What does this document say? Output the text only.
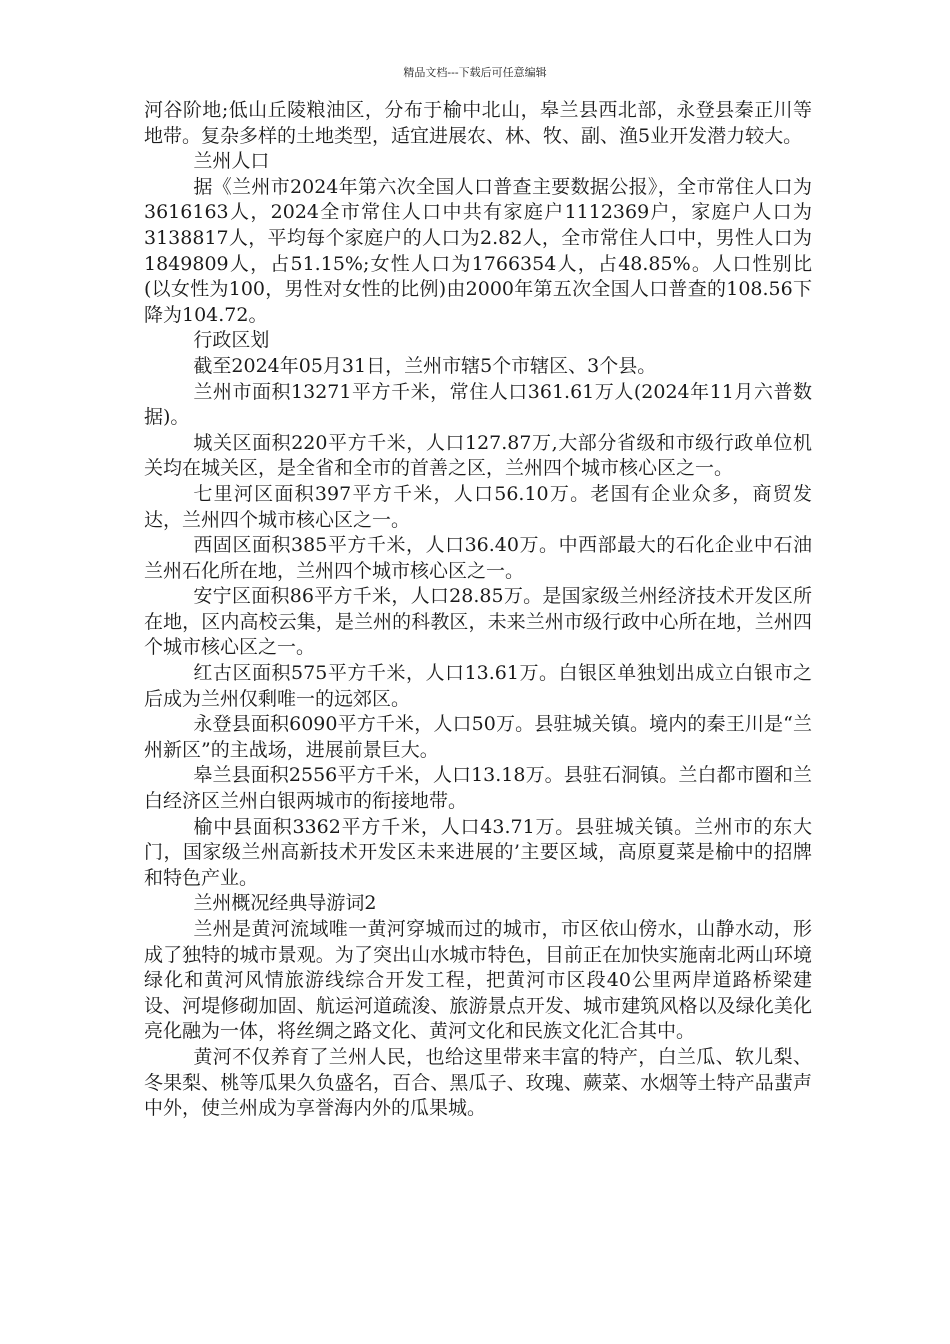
精品文档---下载后可任意编辑

河谷阶地;低山丘陵粮油区，分布于榆中北山，皋兰县西北部，永登县秦正川等地带。复杂多样的土地类型，适宜进展农、林、牧、副、渔5业开发潜力较大。

兰州人口

据《兰州市2024年第六次全国人口普查主要数据公报》，全市常住人口为3616163人，2024全市常住人口中共有家庭户1112369户，家庭户人口为3138817人，平均每个家庭户的人口为2.82人，全市常住人口中，男性人口为1849809人，占51.15%;女性人口为1766354人，占48.85%。人口性别比(以女性为100，男性对女性的比例)由2000年第五次全国人口普查的108.56下降为104.72。

行政区划

截至2024年05月31日，兰州市辖5个市辖区、3个县。

兰州市面积13271平方千米，常住人口361.61万人(2024年11月六普数据)。

城关区面积220平方千米，人口127.87万,大部分省级和市级行政单位机关均在城关区，是全省和全市的首善之区，兰州四个城市核心区之一。

七里河区面积397平方千米，人口56.10万。老国有企业众多，商贸发达，兰州四个城市核心区之一。

西固区面积385平方千米，人口36.40万。中西部最大的石化企业中石油兰州石化所在地，兰州四个城市核心区之一。

安宁区面积86平方千米，人口28.85万。是国家级兰州经济技术开发区所在地，区内高校云集，是兰州的科教区，未来兰州市级行政中心所在地，兰州四个城市核心区之一。

红古区面积575平方千米，人口13.61万。白银区单独划出成立白银市之后成为兰州仅剩唯一的远郊区。

永登县面积6090平方千米，人口50万。县驻城关镇。境内的秦王川是“兰州新区”的主战场，进展前景巨大。

皋兰县面积2556平方千米，人口13.18万。县驻石洞镇。兰白都市圈和兰白经济区兰州白银两城市的衔接地带。

榆中县面积3362平方千米，人口43.71万。县驻城关镇。兰州市的东大门，国家级兰州高新技术开发区未来进展的’主要区域，高原夏菜是榆中的招牌和特色产业。

兰州概况经典导游词2

兰州是黄河流域唯一黄河穿城而过的城市，市区依山傍水，山静水动，形成了独特的城市景观。为了突出山水城市特色，目前正在加快实施南北两山环境绿化和黄河风情旅游线综合开发工程，把黄河市区段40公里两岸道路桥梁建设、河堤修砌加固、航运河道疏浚、旅游景点开发、城市建筑风格以及绿化美化亮化融为一体，将丝绸之路文化、黄河文化和民族文化汇合其中。

黄河不仅养育了兰州人民，也给这里带来丰富的特产，白兰瓜、软儿梨、冬果梨、桃等瓜果久负盛名，百合、黑瓜子、玫瑰、蕨菜、水烟等土特产品蜚声中外，使兰州成为享誉海内外的瓜果城。
